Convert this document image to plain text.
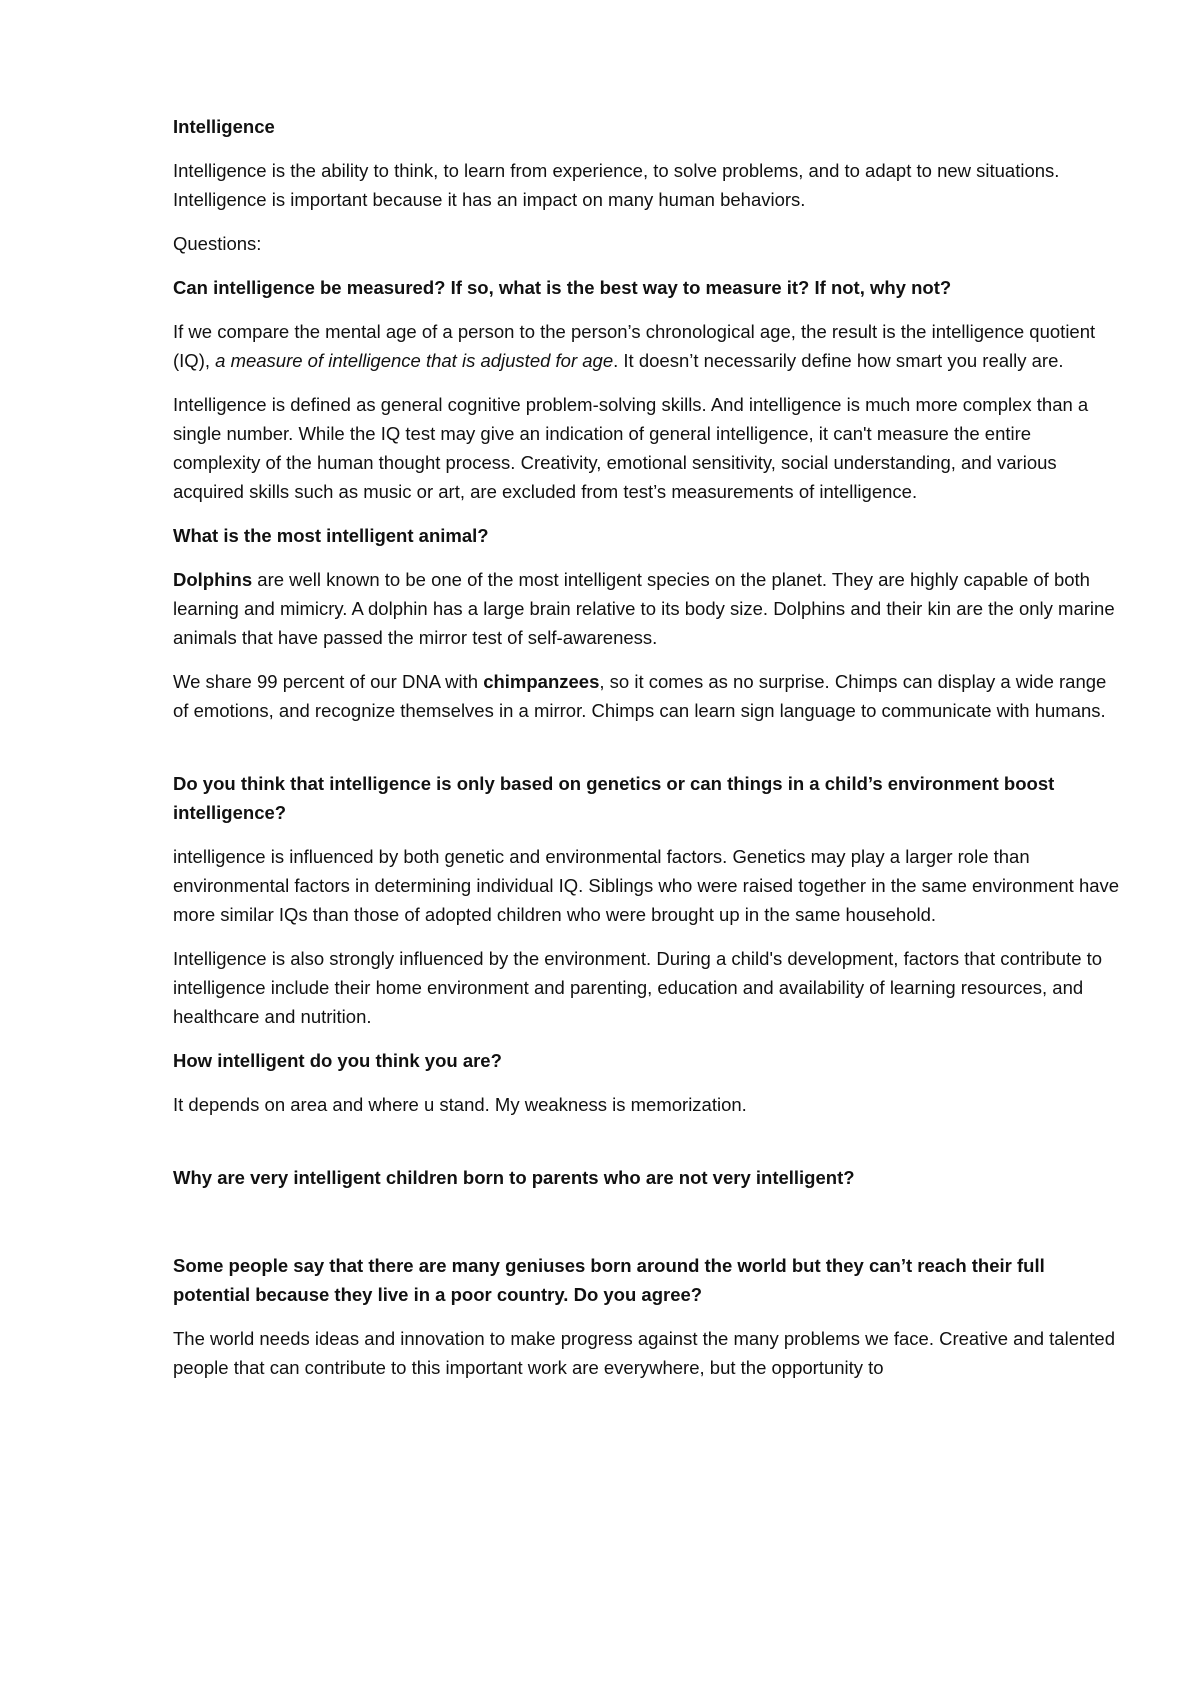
Intelligence

Intelligence is the ability to think, to learn from experience, to solve problems, and to adapt to new situations. Intelligence is important because it has an impact on many human behaviors.

Questions:

Can intelligence be measured? If so, what is the best way to measure it? If not, why not?

If we compare the mental age of a person to the person’s chronological age, the result is the intelligence quotient (IQ), a measure of intelligence that is adjusted for age. It doesn’t necessarily define how smart you really are.

Intelligence is defined as general cognitive problem-solving skills. And intelligence is much more complex than a single number. While the IQ test may give an indication of general intelligence, it can't measure the entire complexity of the human thought process. Creativity, emotional sensitivity, social understanding, and various acquired skills such as music or art, are excluded from test’s measurements of intelligence.

What is the most intelligent animal?

Dolphins are well known to be one of the most intelligent species on the planet. They are highly capable of both learning and mimicry. A dolphin has a large brain relative to its body size. Dolphins and their kin are the only marine animals that have passed the mirror test of self-awareness.

We share 99 percent of our DNA with chimpanzees, so it comes as no surprise. Chimps can display a wide range of emotions, and recognize themselves in a mirror. Chimps can learn sign language to communicate with humans.

Do you think that intelligence is only based on genetics or can things in a child’s environment boost intelligence?

intelligence is influenced by both genetic and environmental factors. Genetics may play a larger role than environmental factors in determining individual IQ. Siblings who were raised together in the same environment have more similar IQs than those of adopted children who were brought up in the same household.

Intelligence is also strongly influenced by the environment. During a child's development, factors that contribute to intelligence include their home environment and parenting, education and availability of learning resources, and healthcare and nutrition.

How intelligent do you think you are?

It depends on area and where u stand. My weakness is memorization.

Why are very intelligent children born to parents who are not very intelligent?

Some people say that there are many geniuses born around the world but they can’t reach their full potential because they live in a poor country. Do you agree?

The world needs ideas and innovation to make progress against the many problems we face. Creative and talented people that can contribute to this important work are everywhere, but the opportunity to
